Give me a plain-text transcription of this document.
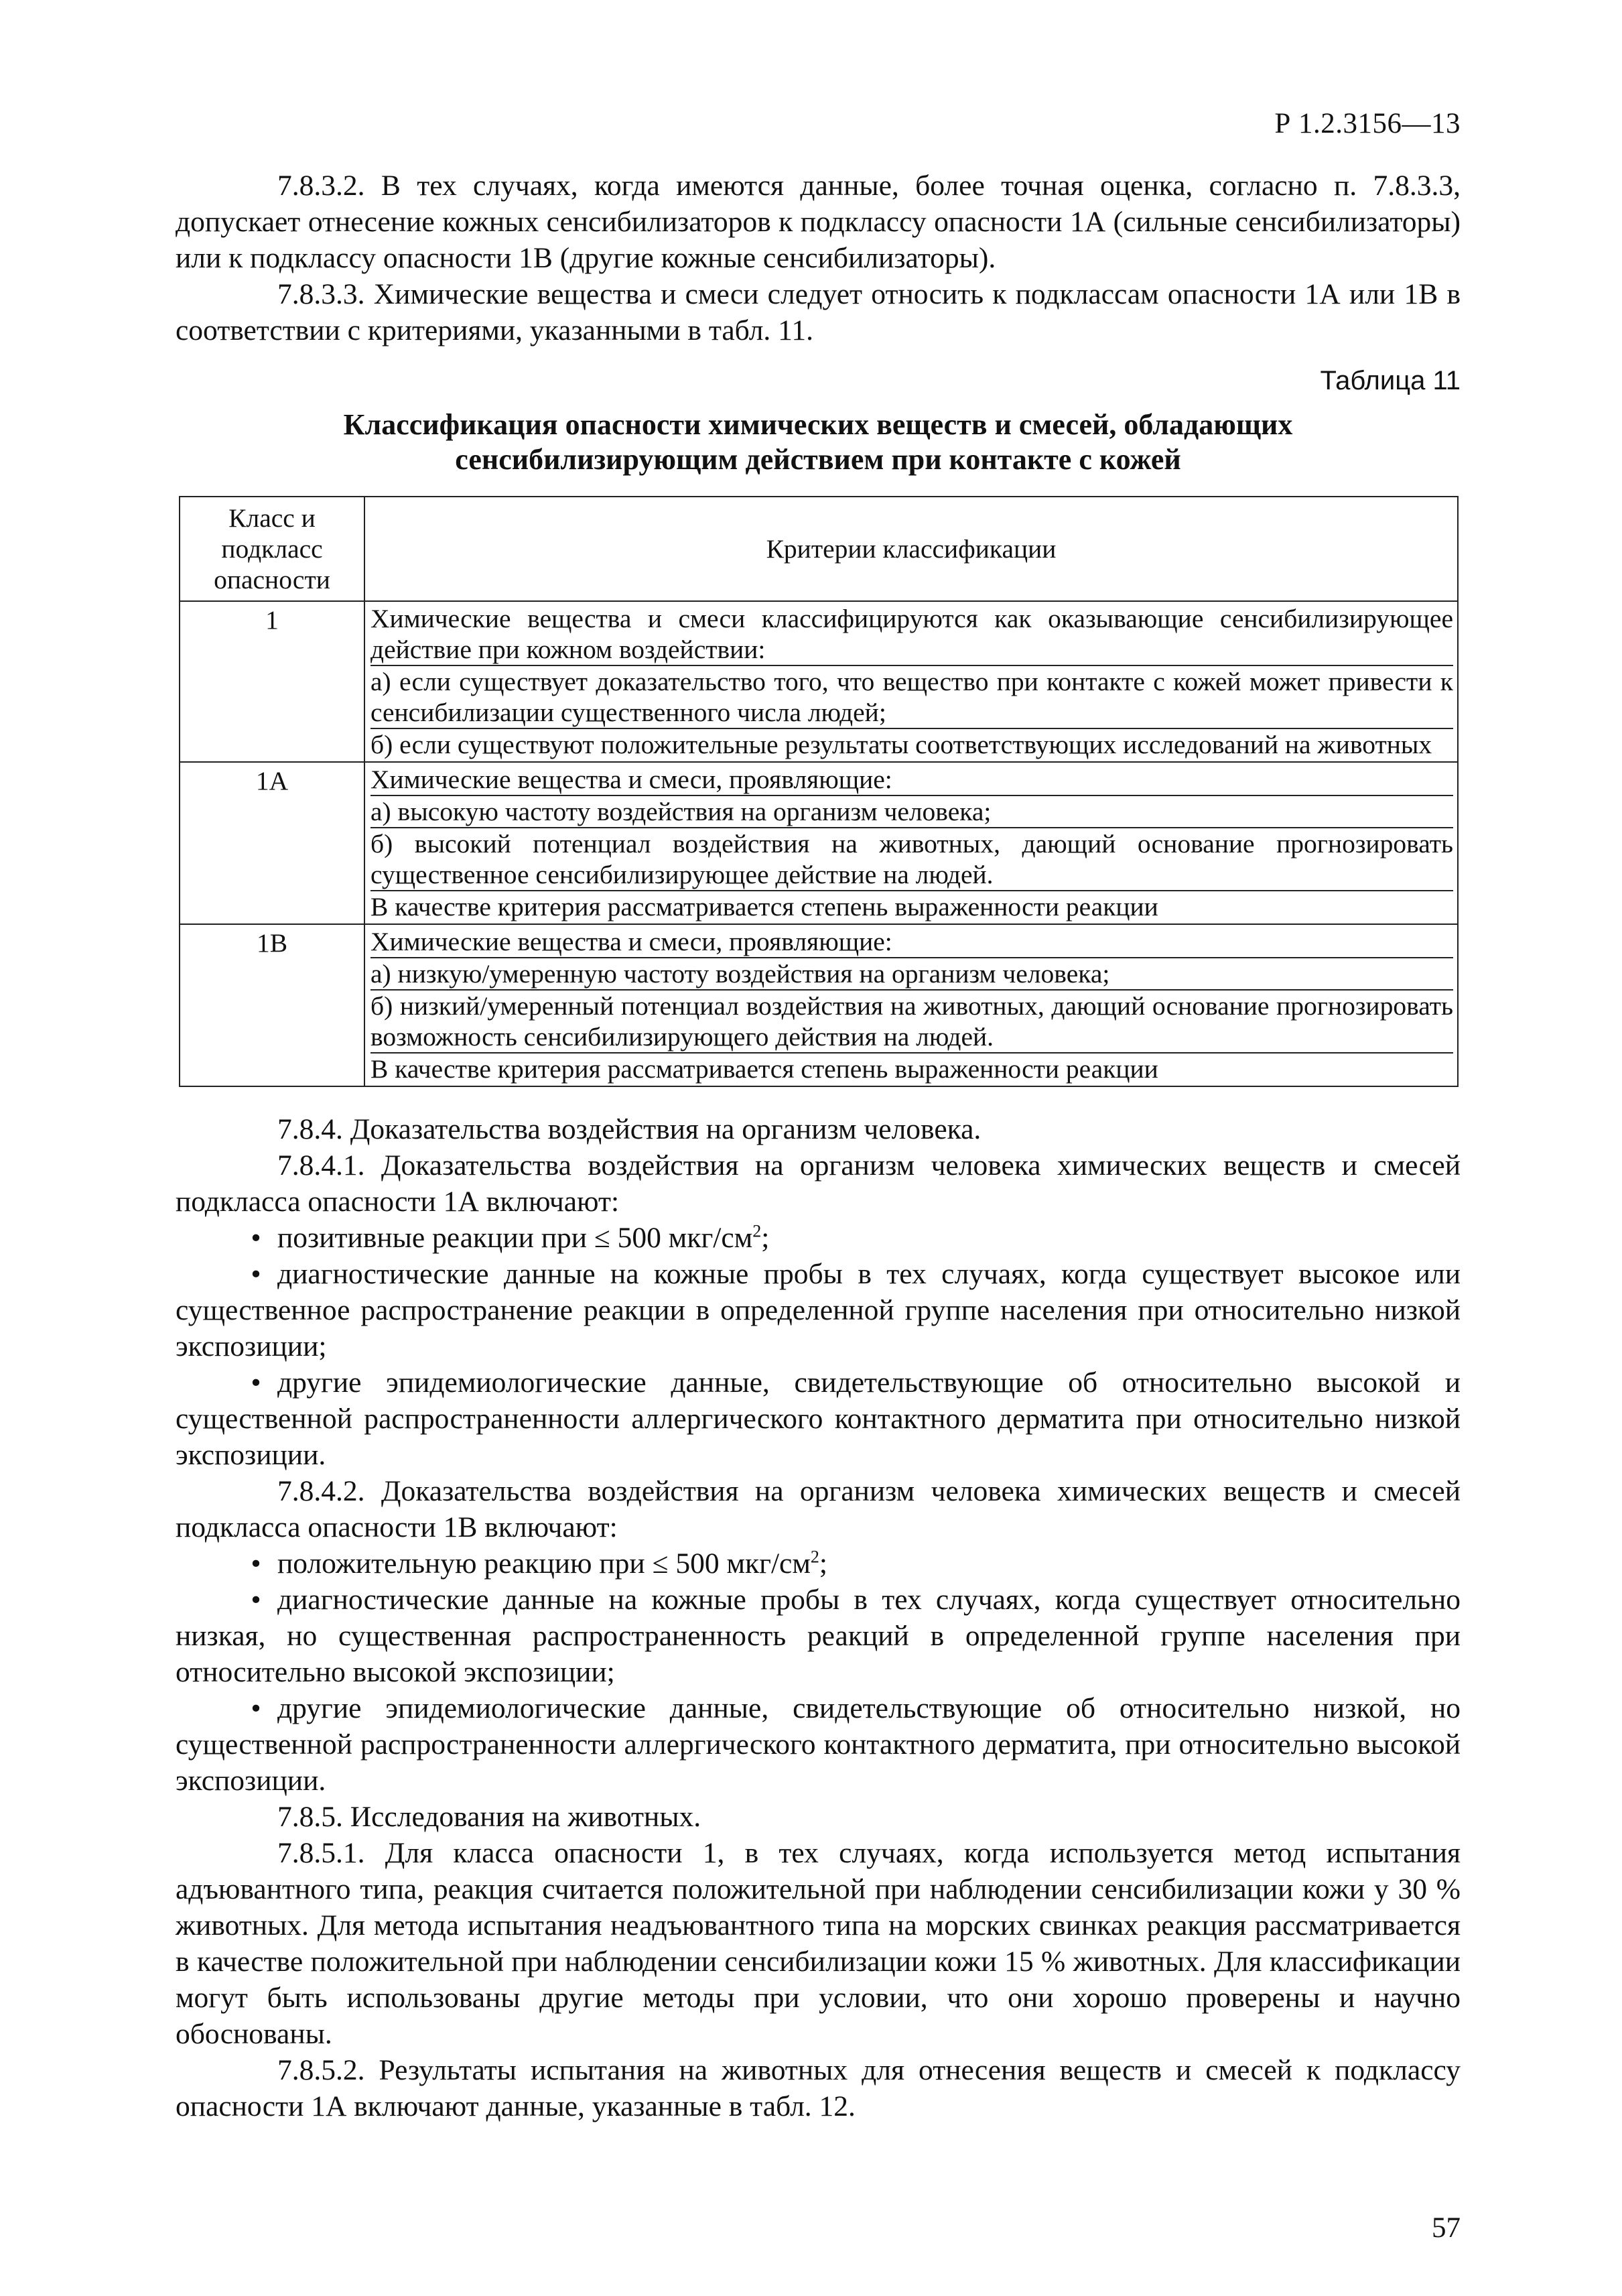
Р 1.2.3156—13

7.8.3.2. В тех случаях, когда имеются данные, более точная оценка, согласно п. 7.8.3.3, допускает отнесение кожных сенсибилизаторов к подклассу опасности 1А (сильные сенсибилизаторы) или к подклассу опасности 1В (другие кожные сенсибилизаторы).

7.8.3.3. Химические вещества и смеси следует относить к подклассам опасности 1А или 1В в соответствии с критериями, указанными в табл. 11.

Таблица 11
Классификация опасности химических веществ и смесей, обладающих сенсибилизирующим действием при контакте с кожей
Класс и подкласс опасности	Критерии классификации
1	Химические вещества и смеси классифицируются как оказывающие сенсибилизирующее действие при кожном воздействии:
а) если существует доказательство того, что вещество при контакте с кожей может привести к сенсибилизации существенного числа людей;
б) если существуют положительные результаты соответствующих исследований на животных

1А	Химические вещества и смеси, проявляющие:
а) высокую частоту воздействия на организм человека;
б) высокий потенциал воздействия на животных, дающий основание прогнозировать существенное сенсибилизирующее действие на людей.
В качестве критерия рассматривается степень выраженности реакции

1В	Химические вещества и смеси, проявляющие:
а) низкую/умеренную частоту воздействия на организм человека;
б) низкий/умеренный потенциал воздействия на животных, дающий основание прогнозировать возможность сенсибилизирующего действия на людей.
В качестве критерия рассматривается степень выраженности реакции

7.8.4. Доказательства воздействия на организм человека.

7.8.4.1. Доказательства воздействия на организм человека химических веществ и смесей подкласса опасности 1А включают:

• позитивные реакции при ≤ 500 мкг/$см^2$;

• диагностические данные на кожные пробы в тех случаях, когда существует высокое или существенное распространение реакции в определенной группе населения при относительно низкой экспозиции;

• другие эпидемиологические данные, свидетельствующие об относительно высокой и существенной распространенности аллергического контактного дерматита при относительно низкой экспозиции.

7.8.4.2. Доказательства воздействия на организм человека химических веществ и смесей подкласса опасности 1В включают:

• положительную реакцию при ≤ 500 мкг/$см^2$;

• диагностические данные на кожные пробы в тех случаях, когда существует относительно низкая, но существенная распространенность реакций в определенной группе населения при относительно высокой экспозиции;

• другие эпидемиологические данные, свидетельствующие об относительно низкой, но существенной распространенности аллергического контактного дерматита, при относительно высокой экспозиции.

7.8.5. Исследования на животных.

7.8.5.1. Для класса опасности 1, в тех случаях, когда используется метод испытания адъювантного типа, реакция считается положительной при наблюдении сенсибилизации кожи у 30 % животных. Для метода испытания неадъювантного типа на морских свинках реакция рассматривается в качестве положительной при наблюдении сенсибилизации кожи 15 % животных. Для классификации могут быть использованы другие методы при условии, что они хорошо проверены и научно обоснованы.

7.8.5.2. Результаты испытания на животных для отнесения веществ и смесей к подклассу опасности 1А включают данные, указанные в табл. 12.

57
